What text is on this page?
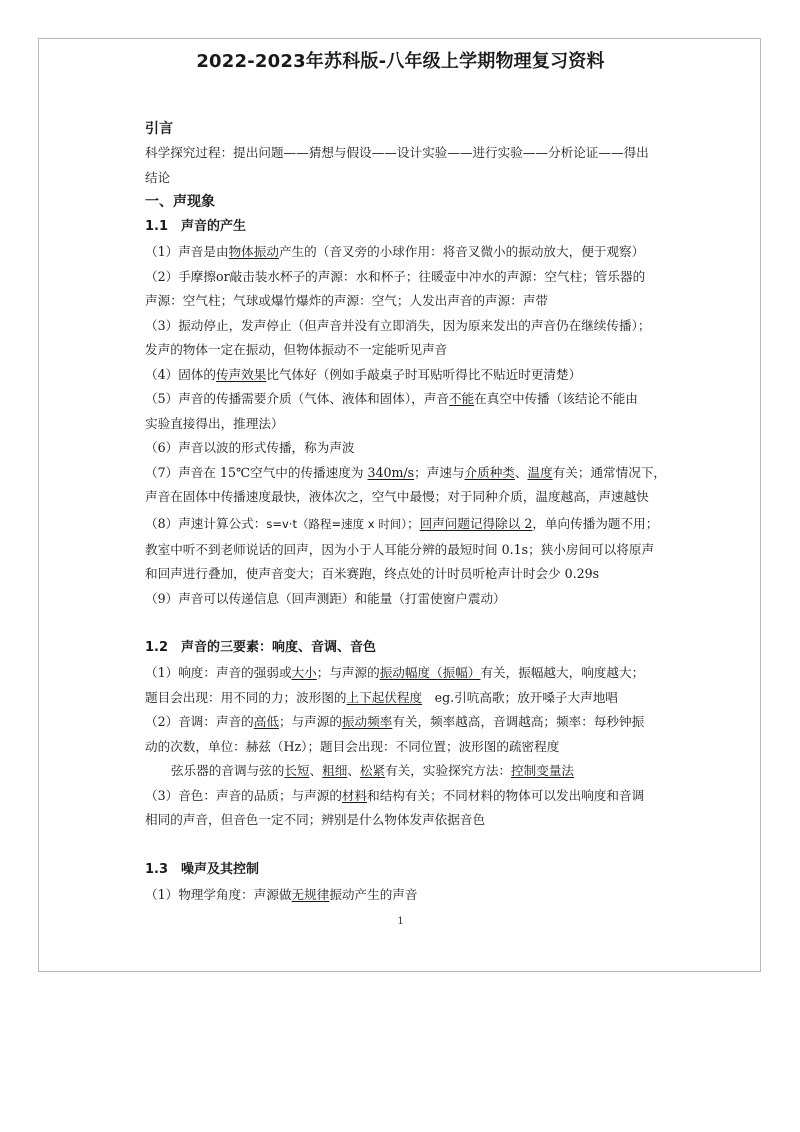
2022-2023年苏科版-八年级上学期物理复习资料
引言
科学探究过程：提出问题——猜想与假设——设计实验——进行实验——分析论证——得出
结论
一、声现象
1.1　声音的产生
（1）声音是由物体振动产生的（音叉旁的小球作用：将音叉微小的振动放大，便于观察）
（2）手摩擦or敲击装水杯子的声源：水和杯子；往暖壶中冲水的声源：空气柱；管乐器的
声源：空气柱；气球或爆竹爆炸的声源：空气；人发出声音的声源：声带
（3）振动停止，发声停止（但声音并没有立即消失，因为原来发出的声音仍在继续传播）；
发声的物体一定在振动，但物体振动不一定能听见声音
（4）固体的传声效果比气体好（例如手敲桌子时耳贴听得比不贴近时更清楚）
（5）声音的传播需要介质（气体、液体和固体），声音不能在真空中传播（该结论不能由
实验直接得出，推理法）
（6）声音以波的形式传播，称为声波
（7）声音在 15℃空气中的传播速度为 340m/s；声速与介质种类、温度有关；通常情况下，
声音在固体中传播速度最快，液体次之，空气中最慢；对于同种介质，温度越高，声速越快
（8）声速计算公式：s=v·t（路程=速度 x 时间）；回声问题记得除以 2，单向传播为题不用；
教室中听不到老师说话的回声，因为小于人耳能分辨的最短时间 0.1s；狭小房间可以将原声
和回声进行叠加，使声音变大；百米赛跑，终点处的计时员听枪声计时会少 0.29s
（9）声音可以传递信息（回声测距）和能量（打雷使窗户震动）
1.2　声音的三要素：响度、音调、音色
（1）响度：声音的强弱或大小；与声源的振动幅度（振幅）有关，振幅越大，响度越大；
题目会出现：用不同的力；波形图的上下起伏程度　eg.引吭高歌；放开嗓子大声地唱
（2）音调：声音的高低；与声源的振动频率有关，频率越高，音调越高；频率：每秒钟振
动的次数，单位：赫兹（Hz）；题目会出现：不同位置；波形图的疏密程度
弦乐器的音调与弦的长短、粗细、松紧有关，实验探究方法：控制变量法
（3）音色：声音的品质；与声源的材料和结构有关；不同材料的物体可以发出响度和音调
相同的声音，但音色一定不同；辨别是什么物体发声依据音色
1.3　噪声及其控制
（1）物理学角度：声源做无规律振动产生的声音
1
